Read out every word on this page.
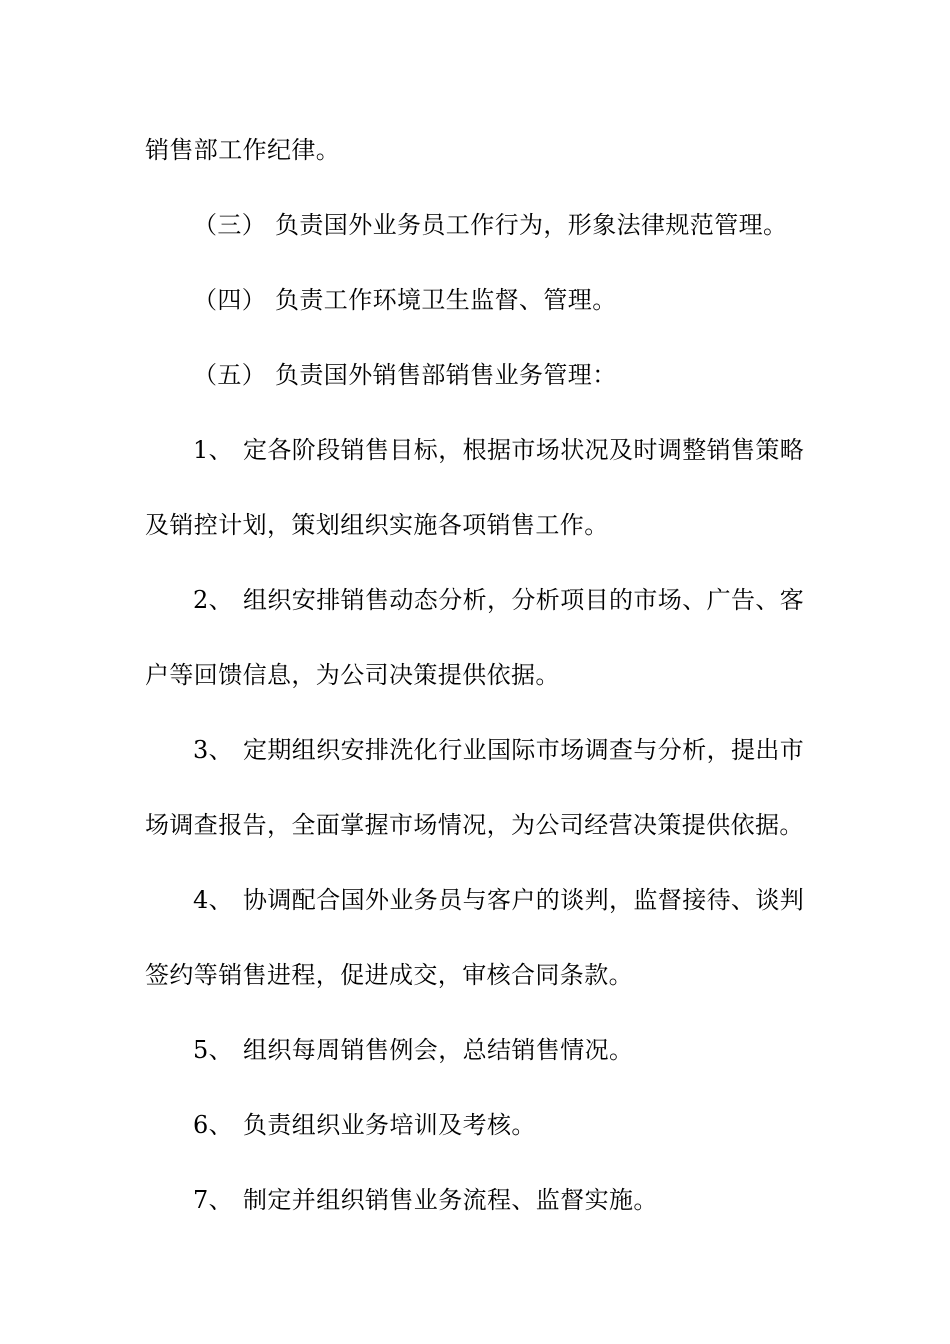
销售部工作纪律。
（三） 负责国外业务员工作行为，形象法律规范管理。
（四） 负责工作环境卫生监督、管理。
（五） 负责国外销售部销售业务管理：
1、 定各阶段销售目标，根据市场状况及时调整销售策略
及销控计划，策划组织实施各项销售工作。
2、 组织安排销售动态分析，分析项目的市场、广告、客
户等回馈信息，为公司决策提供依据。
3、 定期组织安排洗化行业国际市场调查与分析，提出市
场调查报告，全面掌握市场情况，为公司经营决策提供依据。
4、 协调配合国外业务员与客户的谈判，监督接待、谈判
签约等销售进程，促进成交，审核合同条款。
5、 组织每周销售例会，总结销售情况。
6、 负责组织业务培训及考核。
7、 制定并组织销售业务流程、监督实施。
